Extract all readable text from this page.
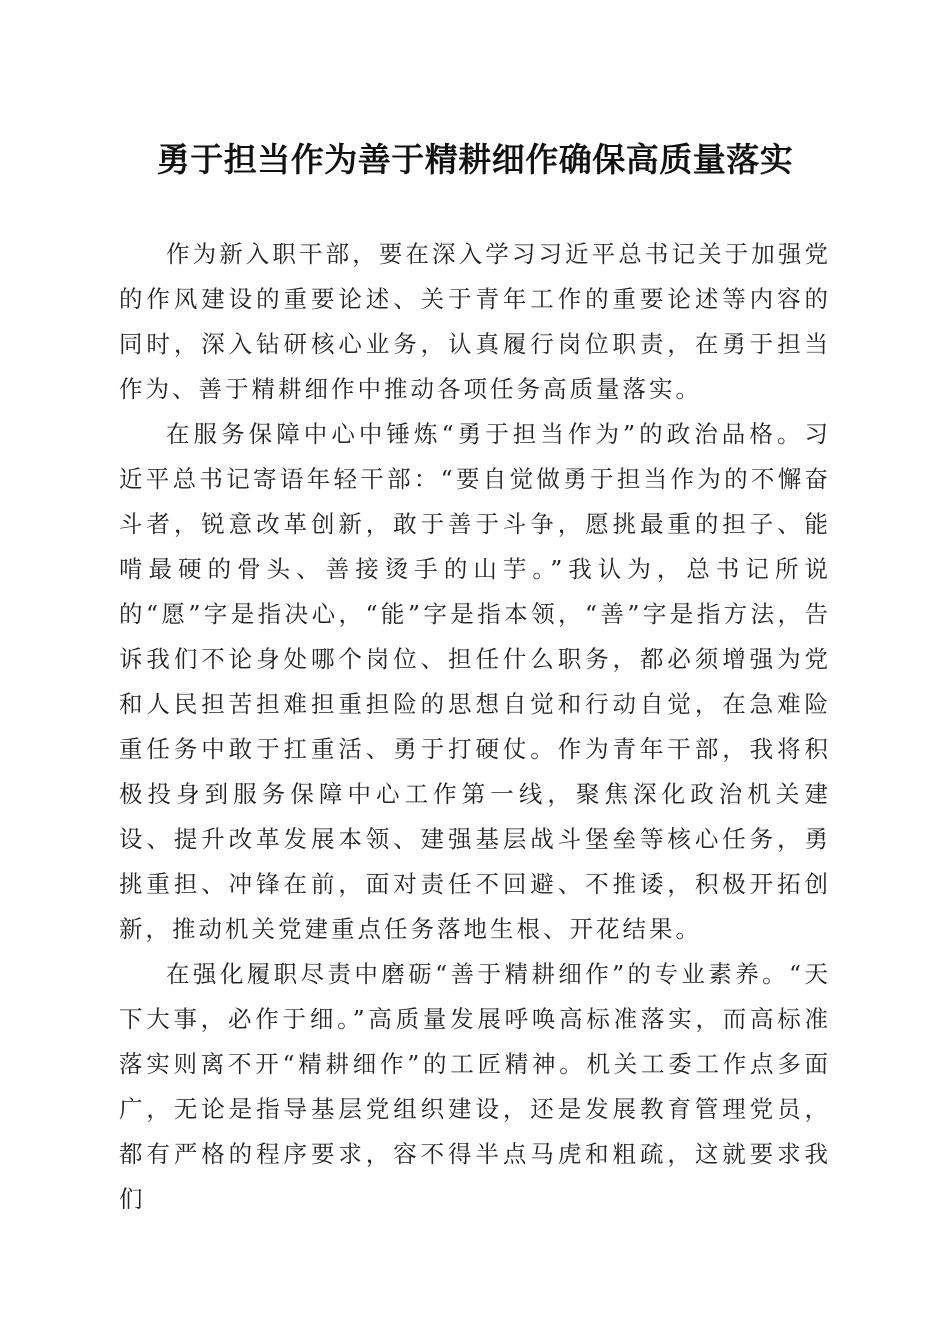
勇于担当作为善于精耕细作确保高质量落实

作为新入职干部，要在深入学习习近平总书记关于加强党的作风建设的重要论述、关于青年工作的重要论述等内容的同时，深入钻研核心业务，认真履行岗位职责，在勇于担当作为、善于精耕细作中推动各项任务高质量落实。

在服务保障中心中锤炼“勇于担当作为”的政治品格。习近平总书记寄语年轻干部：“要自觉做勇于担当作为的不懈奋斗者，锐意改革创新，敢于善于斗争，愿挑最重的担子、能啃最硬的骨头、善接烫手的山芋。”我认为，总书记所说的“愿”字是指决心，“能”字是指本领，“善”字是指方法，告诉我们不论身处哪个岗位、担任什么职务，都必须增强为党和人民担苦担难担重担险的思想自觉和行动自觉，在急难险重任务中敢于扛重活、勇于打硬仗。作为青年干部，我将积极投身到服务保障中心工作第一线，聚焦深化政治机关建设、提升改革发展本领、建强基层战斗堡垒等核心任务，勇挑重担、冲锋在前，面对责任不回避、不推诿，积极开拓创新，推动机关党建重点任务落地生根、开花结果。

在强化履职尽责中磨砺“善于精耕细作”的专业素养。“天下大事，必作于细。”高质量发展呼唤高标准落实，而高标准落实则离不开“精耕细作”的工匠精神。机关工委工作点多面广，无论是指导基层党组织建设，还是发展教育管理党员，都有严格的程序要求，容不得半点马虎和粗疏，这就要求我们
